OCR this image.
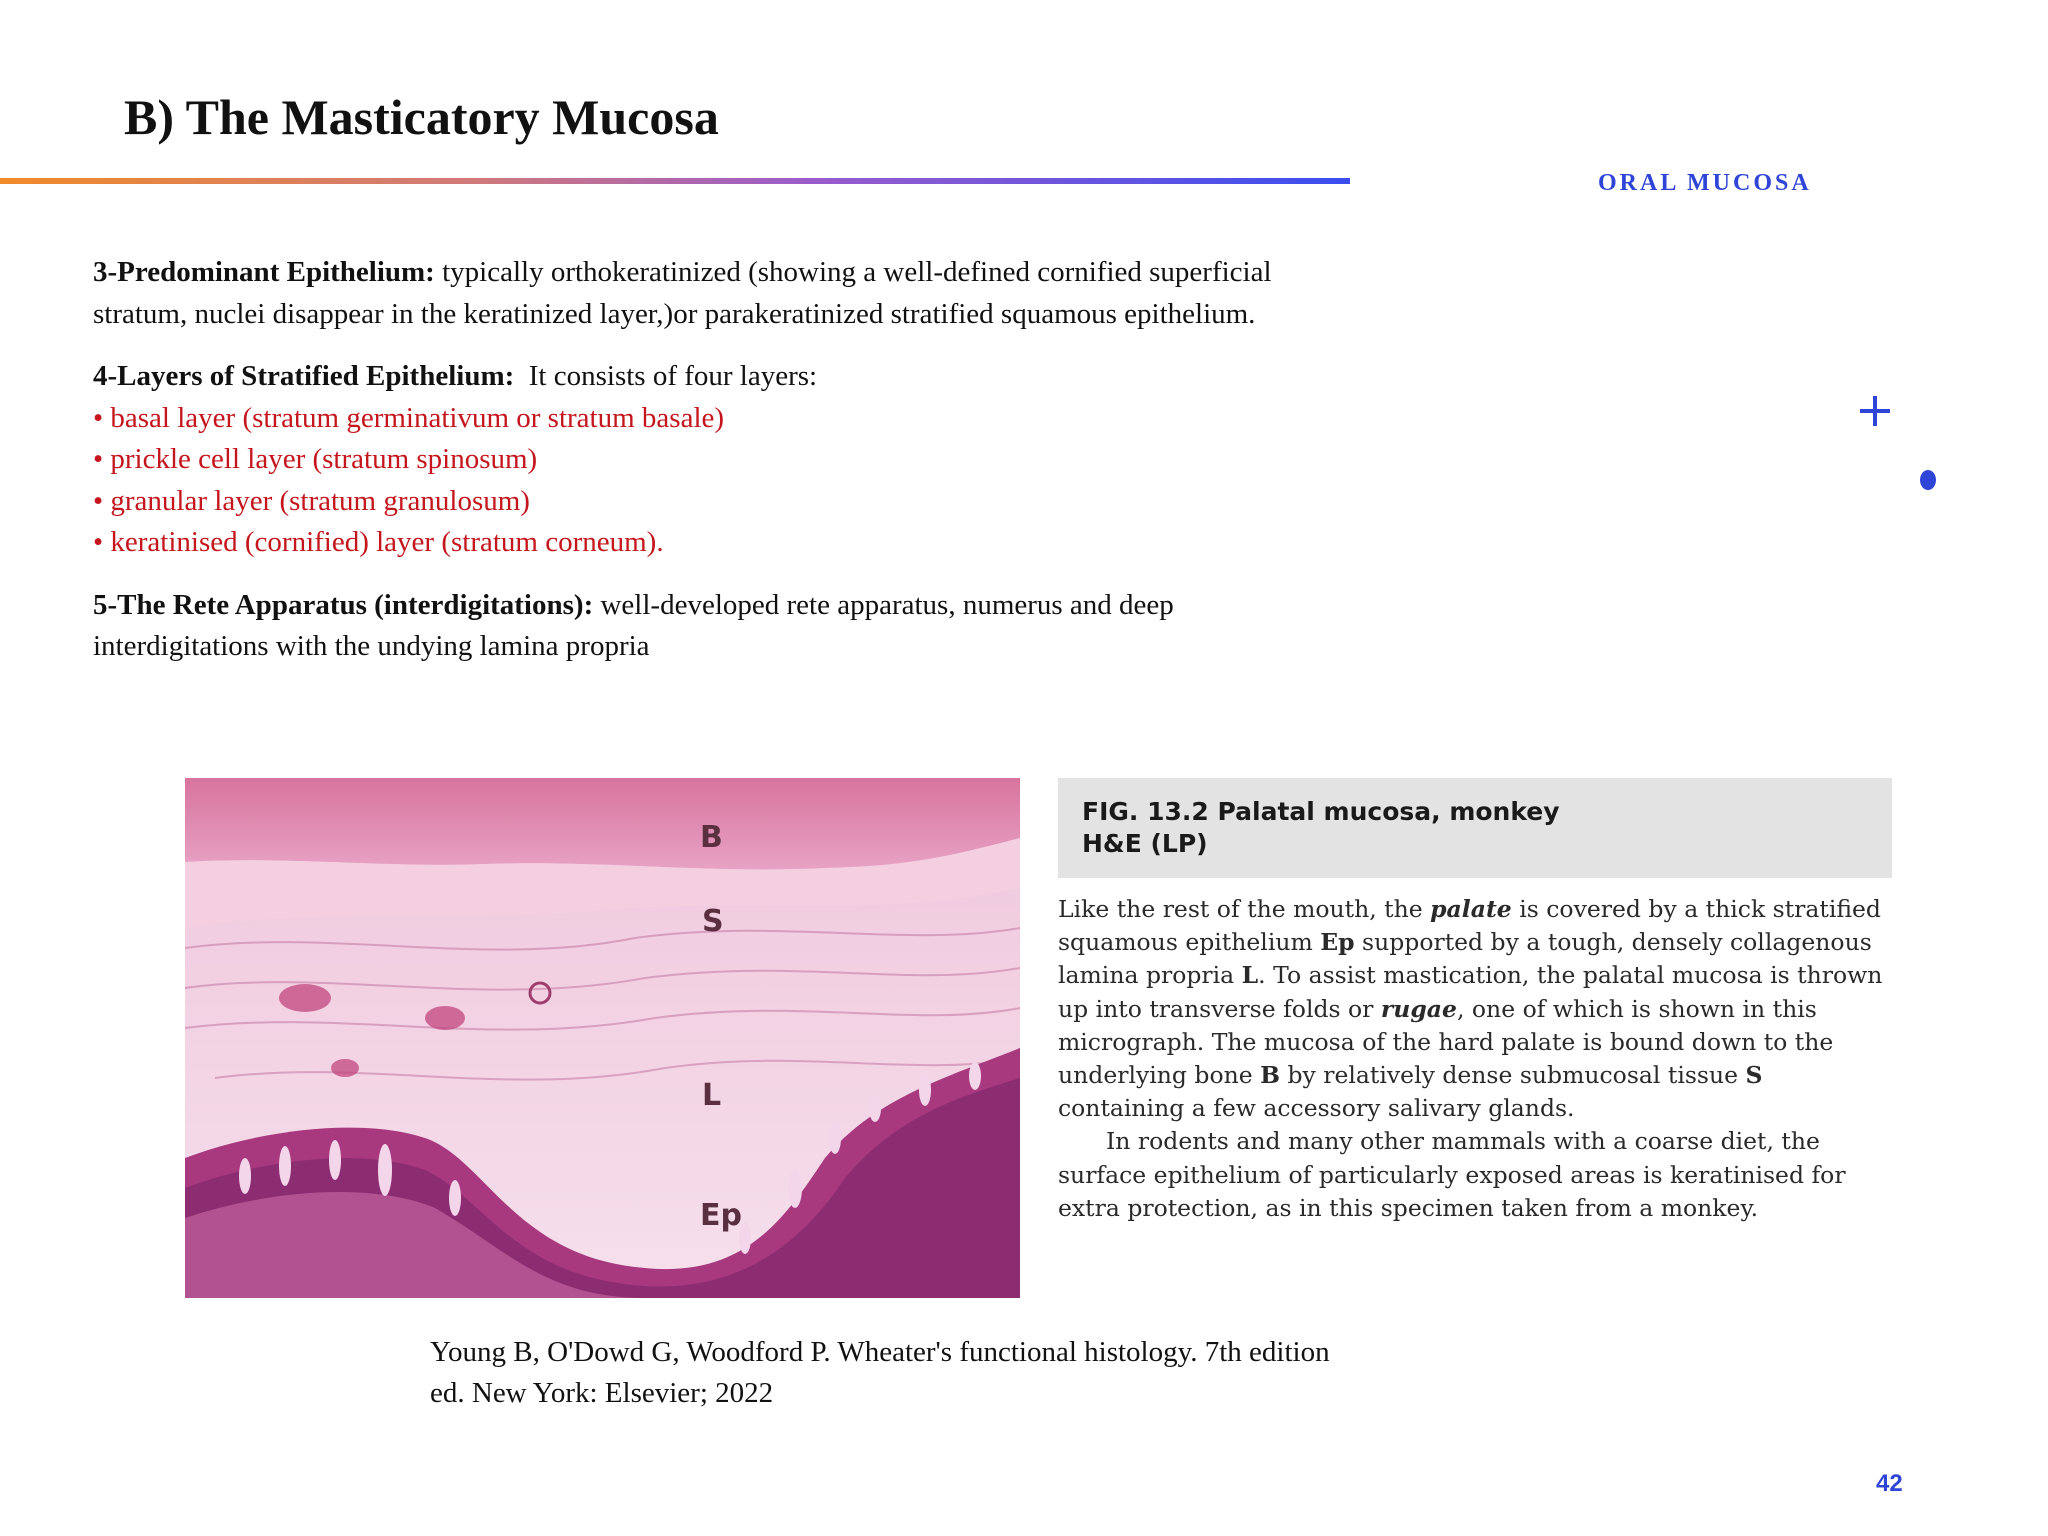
B) The Masticatory Mucosa
ORAL MUCOSA

3-Predominant Epithelium: typically orthokeratinized (showing a well-defined cornified superficial stratum, nuclei disappear in the keratinized layer,)or parakeratinized stratified squamous epithelium.

4-Layers of Stratified Epithelium:  It consists of four layers:
• basal layer (stratum germinativum or stratum basale)
• prickle cell layer (stratum spinosum)
• granular layer (stratum granulosum)
• keratinised (cornified) layer (stratum corneum).

5-The Rete Apparatus (interdigitations): well-developed rete apparatus, numerus and deep interdigitations with the undying lamina propria

B
S
L
Ep
FIG. 13.2 Palatal mucosa, monkey
H&E (LP)

Like the rest of the mouth, the palate is covered by a thick stratified squamous epithelium Ep supported by a tough, densely collagenous lamina propria L. To assist mastication, the palatal mucosa is thrown up into transverse folds or rugae, one of which is shown in this micrograph. The mucosa of the hard palate is bound down to the underlying bone B by relatively dense submucosal tissue S containing a few accessory salivary glands.

In rodents and many other mammals with a coarse diet, the surface epithelium of particularly exposed areas is keratinised for extra protection, as in this specimen taken from a monkey.

Young B, O'Dowd G, Woodford P. Wheater's functional histology. 7th edition
ed. New York: Elsevier; 2022
42
